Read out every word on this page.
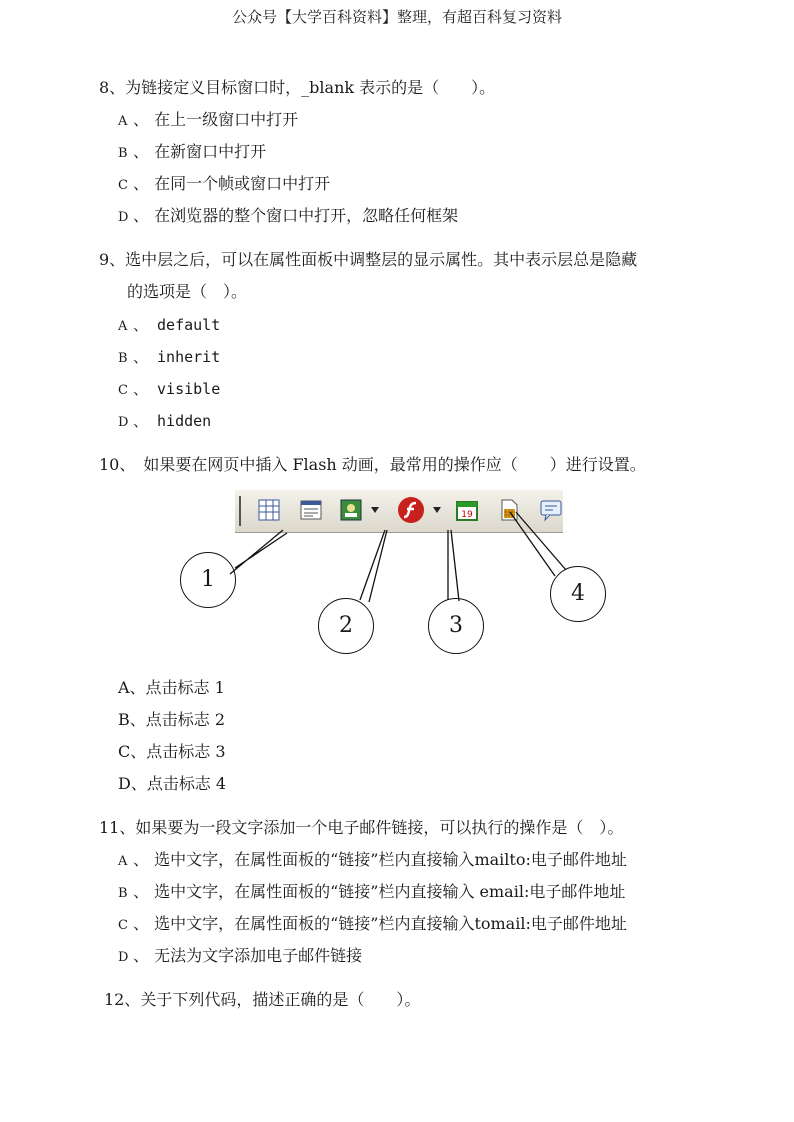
公众号【大学百科资料】整理，有超百科复习资料
8、为链接定义目标窗口时，_blank 表示的是（　　）。
A 、 在上一级窗口中打开
B 、 在新窗口中打开
C 、 在同一个帧或窗口中打开
D 、 在浏览器的整个窗口中打开，忽略任何框架
9、选中层之后，可以在属性面板中调整层的显示属性。其中表示层总是隐藏
的选项是（　）。
A 、 default
B 、 inherit
C 、 visible
D 、 hidden
10、　如果要在网页中插入 Flash 动画，最常用的操作应（　　）进行设置。
19
1
2	3
4
A、点击标志 1
B、点击标志 2
C、点击标志 3
D、点击标志 4
11、如果要为一段文字添加一个电子邮件链接，可以执行的操作是（　）。
A 、 选中文字，在属性面板的“链接”栏内直接输入mailto:电子邮件地址
B 、 选中文字，在属性面板的“链接”栏内直接输入 email:电子邮件地址
C 、 选中文字，在属性面板的“链接”栏内直接输入tomail:电子邮件地址
D 、 无法为文字添加电子邮件链接
12、关于下列代码，描述正确的是（　　）。
